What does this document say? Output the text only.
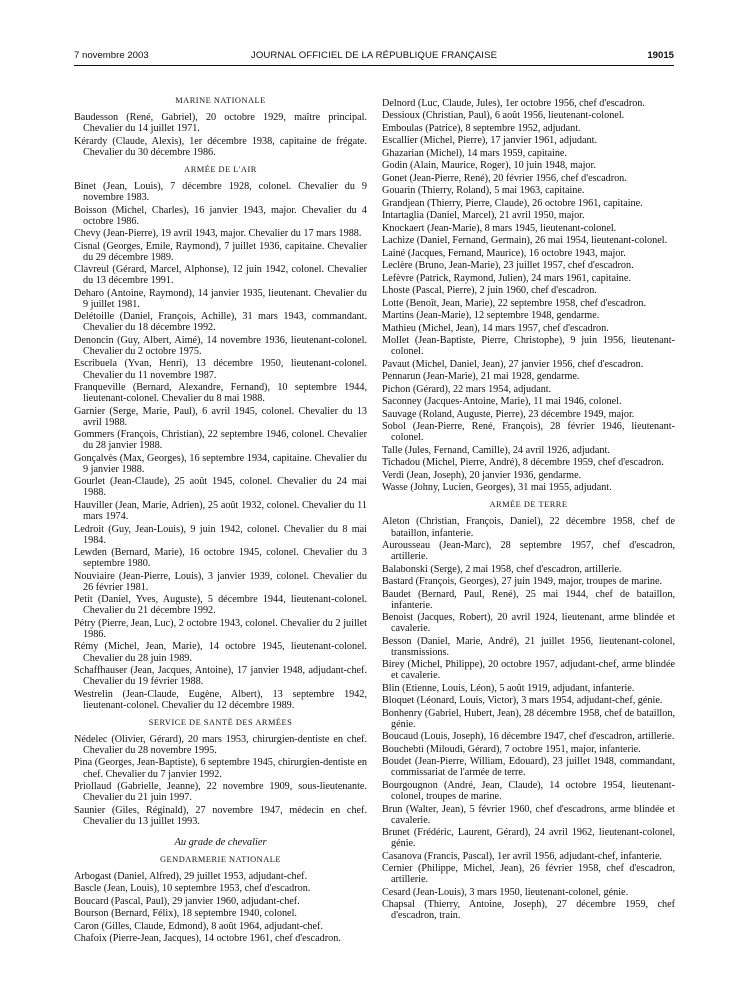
7 novembre 2003	JOURNAL OFFICIEL DE LA RÉPUBLIQUE FRANÇAISE	19015
MARINE NATIONALE
Baudesson (René, Gabriel), 20 octobre 1929, maître principal. Chevalier du 14 juillet 1971.
Kérardy (Claude, Alexis), 1er décembre 1938, capitaine de frégate. Chevalier du 30 décembre 1986.
ARMÉE DE L'AIR
Binet (Jean, Louis), 7 décembre 1928, colonel. Chevalier du 9 novembre 1983.
Boisson (Michel, Charles), 16 janvier 1943, major. Chevalier du 4 octobre 1986.
Chevy (Jean-Pierre), 19 avril 1943, major. Chevalier du 17 mars 1988.
Cisnal (Georges, Emile, Raymond), 7 juillet 1936, capitaine. Chevalier du 29 décembre 1989.
Clavreul (Gérard, Marcel, Alphonse), 12 juin 1942, colonel. Chevalier du 13 décembre 1991.
Deharo (Antoine, Raymond), 14 janvier 1935, lieutenant. Chevalier du 9 juillet 1981.
Delétoille (Daniel, François, Achille), 31 mars 1943, commandant. Chevalier du 18 décembre 1992.
Denoncin (Guy, Albert, Aimé), 14 novembre 1936, lieutenant-colonel. Chevalier du 2 octobre 1975.
Escribuela (Yvan, Henri), 13 décembre 1950, lieutenant-colonel. Chevalier du 11 novembre 1987.
Franqueville (Bernard, Alexandre, Fernand), 10 septembre 1944, lieutenant-colonel. Chevalier du 8 mai 1988.
Garnier (Serge, Marie, Paul), 6 avril 1945, colonel. Chevalier du 13 avril 1988.
Gommers (François, Christian), 22 septembre 1946, colonel. Chevalier du 28 janvier 1988.
Gonçalvès (Max, Georges), 16 septembre 1934, capitaine. Chevalier du 9 janvier 1988.
Gourlet (Jean-Claude), 25 août 1945, colonel. Chevalier du 24 mai 1988.
Hauviller (Jean, Marie, Adrien), 25 août 1932, colonel. Chevalier du 11 mars 1974.
Ledroit (Guy, Jean-Louis), 9 juin 1942, colonel. Chevalier du 8 mai 1984.
Lewden (Bernard, Marie), 16 octobre 1945, colonel. Chevalier du 3 septembre 1980.
Nouviaire (Jean-Pierre, Louis), 3 janvier 1939, colonel. Chevalier du 26 février 1981.
Petit (Daniel, Yves, Auguste), 5 décembre 1944, lieutenant-colonel. Chevalier du 21 décembre 1992.
Pétry (Pierre, Jean, Luc), 2 octobre 1943, colonel. Chevalier du 2 juillet 1986.
Rémy (Michel, Jean, Marie), 14 octobre 1945, lieutenant-colonel. Chevalier du 28 juin 1989.
Schaffhauser (Jean, Jacques, Antoine), 17 janvier 1948, adjudant-chef. Chevalier du 19 février 1988.
Westrelin (Jean-Claude, Eugène, Albert), 13 septembre 1942, lieutenant-colonel. Chevalier du 12 décembre 1989.
SERVICE DE SANTÉ DES ARMÉES
Nédelec (Olivier, Gérard), 20 mars 1953, chirurgien-dentiste en chef. Chevalier du 28 novembre 1995.
Pina (Georges, Jean-Baptiste), 6 septembre 1945, chirurgien-dentiste en chef. Chevalier du 7 janvier 1992.
Priollaud (Gabrielle, Jeanne), 22 novembre 1909, sous-lieutenante. Chevalier du 21 juin 1997.
Saunier (Giles, Réginald), 27 novembre 1947, médecin en chef. Chevalier du 13 juillet 1993.
Au grade de chevalier
GENDARMERIE NATIONALE
Arbogast (Daniel, Alfred), 29 juillet 1953, adjudant-chef.
Bascle (Jean, Louis), 10 septembre 1953, chef d'escadron.
Boucard (Pascal, Paul), 29 janvier 1960, adjudant-chef.
Bourson (Bernard, Félix), 18 septembre 1940, colonel.
Caron (Gilles, Claude, Edmond), 8 août 1964, adjudant-chef.
Chafoix (Pierre-Jean, Jacques), 14 octobre 1961, chef d'escadron.
Delnord (Luc, Claude, Jules), 1er octobre 1956, chef d'escadron.
Dessioux (Christian, Paul), 6 août 1956, lieutenant-colonel.
Emboulas (Patrice), 8 septembre 1952, adjudant.
Escallier (Michel, Pierre), 17 janvier 1961, adjudant.
Ghazarian (Michel), 14 mars 1959, capitaine.
Godin (Alain, Maurice, Roger), 10 juin 1948, major.
Gonet (Jean-Pierre, René), 20 février 1956, chef d'escadron.
Gouarin (Thierry, Roland), 5 mai 1963, capitaine.
Grandjean (Thierry, Pierre, Claude), 26 octobre 1961, capitaine.
Intartaglia (Daniel, Marcel), 21 avril 1950, major.
Knockaert (Jean-Marie), 8 mars 1945, lieutenant-colonel.
Lachize (Daniel, Fernand, Germain), 26 mai 1954, lieutenant-colonel.
Lainé (Jacques, Fernand, Maurice), 16 octobre 1943, major.
Leclère (Bruno, Jean-Marie), 23 juillet 1957, chef d'escadron.
Lefèvre (Patrick, Raymond, Julien), 24 mars 1961, capitaine.
Lhoste (Pascal, Pierre), 2 juin 1960, chef d'escadron.
Lotte (Benoît, Jean, Marie), 22 septembre 1958, chef d'escadron.
Martins (Jean-Marie), 12 septembre 1948, gendarme.
Mathieu (Michel, Jean), 14 mars 1957, chef d'escadron.
Mollet (Jean-Baptiste, Pierre, Christophe), 9 juin 1956, lieutenant-colonel.
Pavaut (Michel, Daniel, Jean), 27 janvier 1956, chef d'escadron.
Pennarun (Jean-Marie), 21 mai 1928, gendarme.
Pichon (Gérard), 22 mars 1954, adjudant.
Saconney (Jacques-Antoine, Marie), 11 mai 1946, colonel.
Sauvage (Roland, Auguste, Pierre), 23 décembre 1949, major.
Sobol (Jean-Pierre, René, François), 28 février 1946, lieutenant-colonel.
Talle (Jules, Fernand, Camille), 24 avril 1926, adjudant.
Tichadou (Michel, Pierre, André), 8 décembre 1959, chef d'escadron.
Verdi (Jean, Joseph), 20 janvier 1936, gendarme.
Wasse (Johny, Lucien, Georges), 31 mai 1955, adjudant.
ARMÉE DE TERRE
Aleton (Christian, François, Daniel), 22 décembre 1958, chef de bataillon, infanterie.
Aurousseau (Jean-Marc), 28 septembre 1957, chef d'escadron, artillerie.
Balabonski (Serge), 2 mai 1958, chef d'escadron, artillerie.
Bastard (François, Georges), 27 juin 1949, major, troupes de marine.
Baudet (Bernard, Paul, René), 25 mai 1944, chef de bataillon, infanterie.
Benoist (Jacques, Robert), 20 avril 1924, lieutenant, arme blindée et cavalerie.
Besson (Daniel, Marie, André), 21 juillet 1956, lieutenant-colonel, transmissions.
Birey (Michel, Philippe), 20 octobre 1957, adjudant-chef, arme blindée et cavalerie.
Blin (Etienne, Louis, Léon), 5 août 1919, adjudant, infanterie.
Bloquet (Léonard, Louis, Victor), 3 mars 1954, adjudant-chef, génie.
Bonhenry (Gabriel, Hubert, Jean), 28 décembre 1958, chef de bataillon, génie.
Boucaud (Louis, Joseph), 16 décembre 1947, chef d'escadron, artillerie.
Bouchebti (Miloudi, Gérard), 7 octobre 1951, major, infanterie.
Boudet (Jean-Pierre, William, Edouard), 23 juillet 1948, commandant, commissariat de l'armée de terre.
Bourgougnon (André, Jean, Claude), 14 octobre 1954, lieutenant-colonel, troupes de marine.
Brun (Walter, Jean), 5 février 1960, chef d'escadrons, arme blindée et cavalerie.
Brunet (Frédéric, Laurent, Gérard), 24 avril 1962, lieutenant-colonel, génie.
Casanova (Francis, Pascal), 1er avril 1956, adjudant-chef, infanterie.
Cernier (Philippe, Michel, Jean), 26 février 1958, chef d'escadron, artillerie.
Cesard (Jean-Louis), 3 mars 1950, lieutenant-colonel, génie.
Chapsal (Thierry, Antoine, Joseph), 27 décembre 1959, chef d'escadron, train.
